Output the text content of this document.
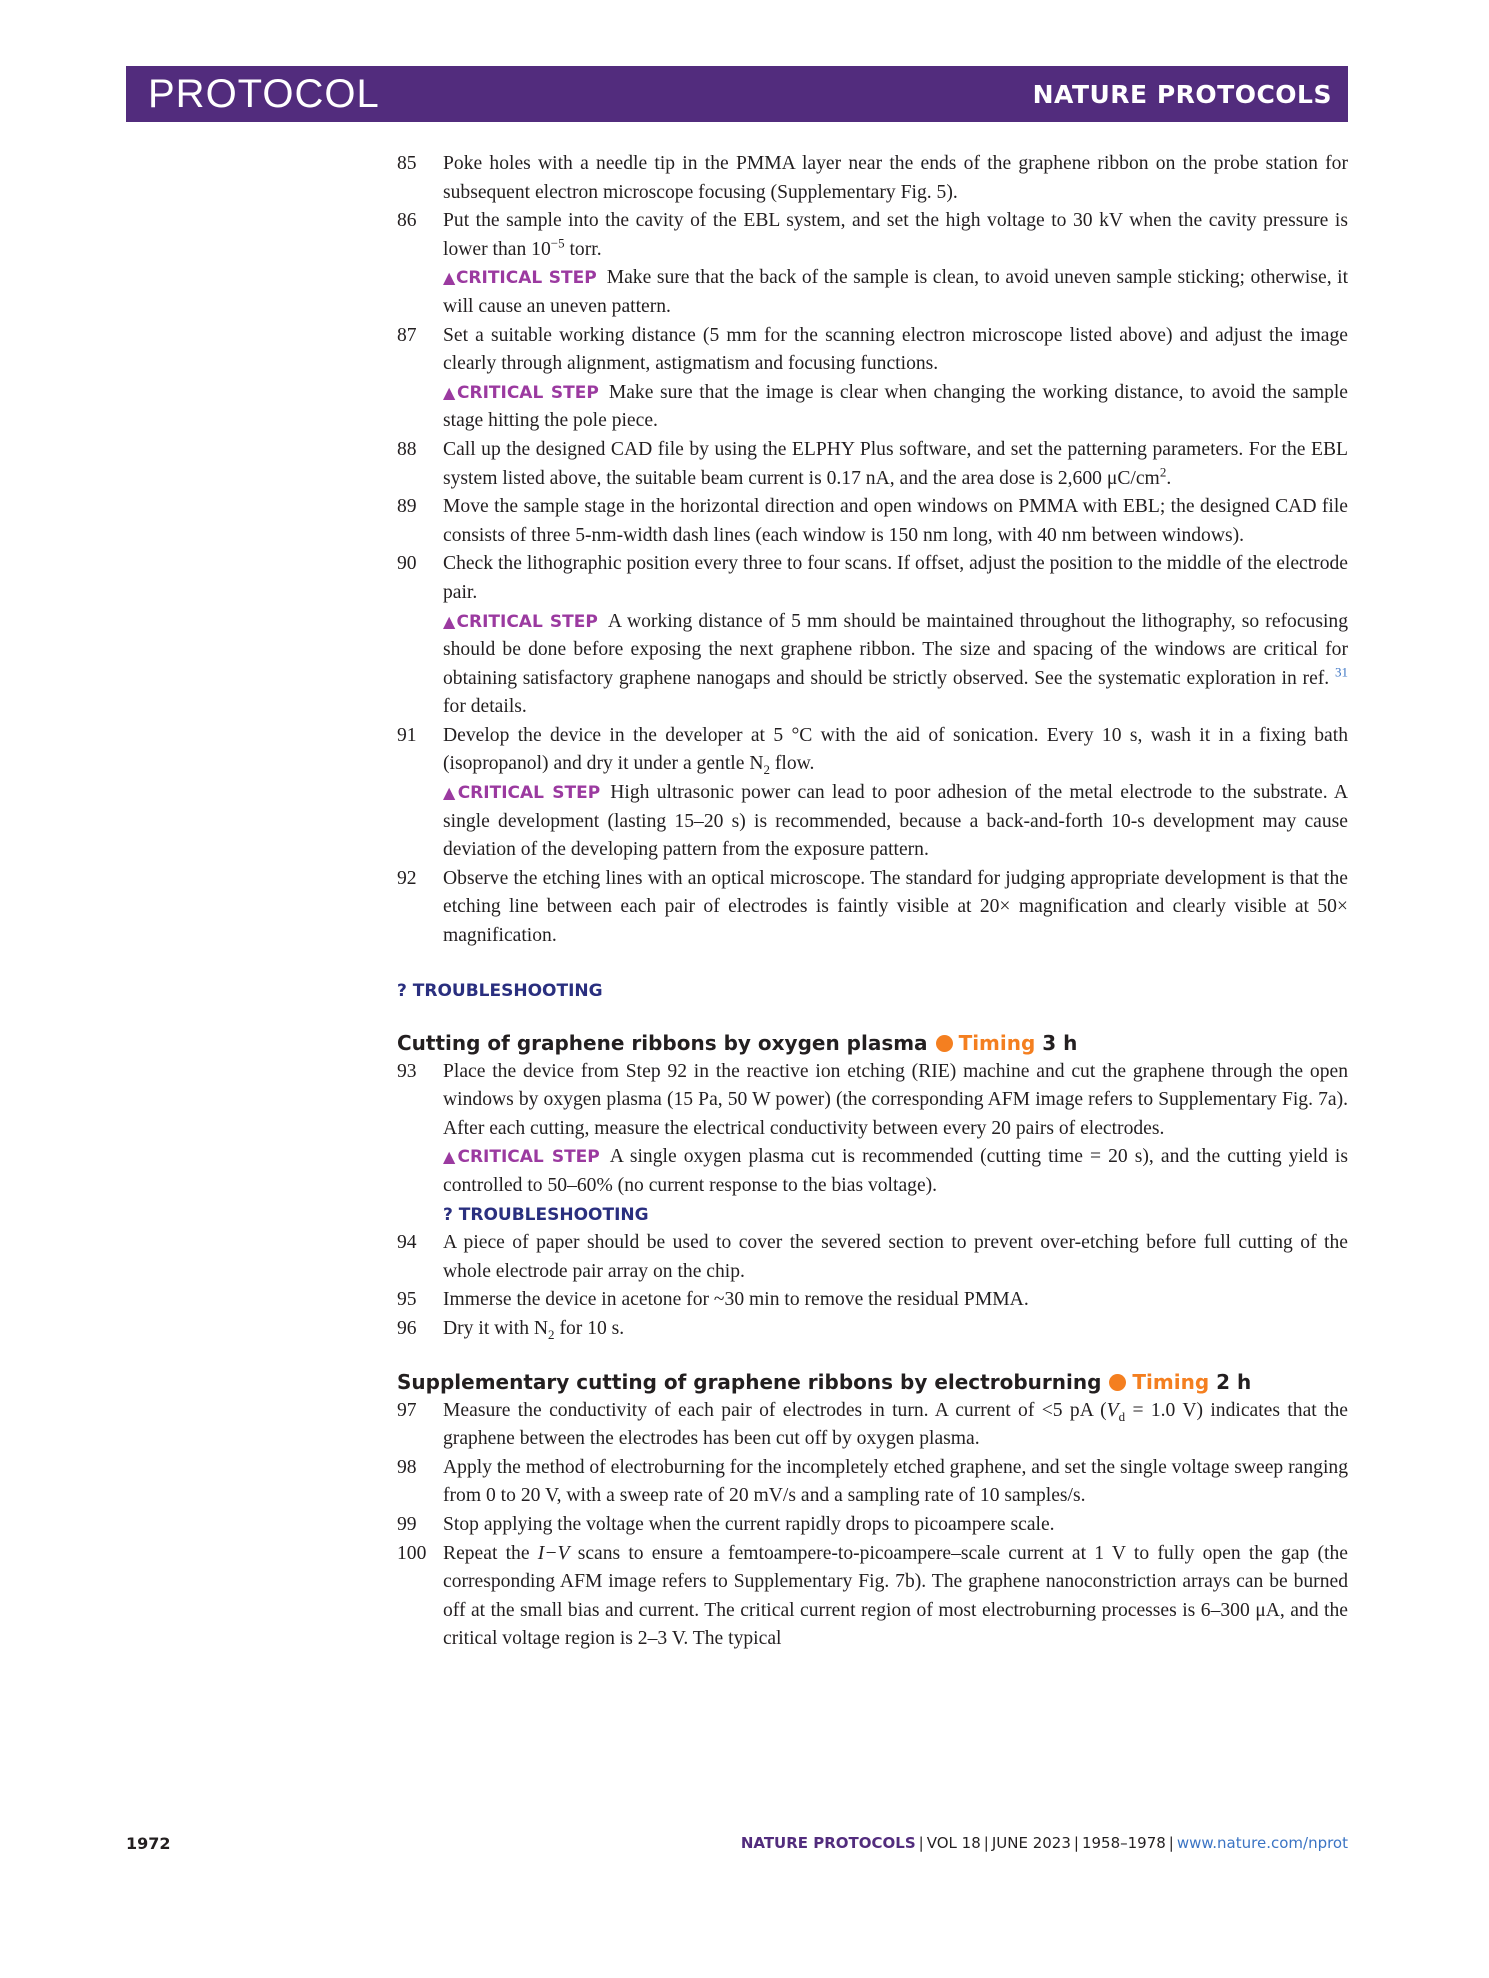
PROTOCOL	NATURE PROTOCOLS
85 Poke holes with a needle tip in the PMMA layer near the ends of the graphene ribbon on the probe station for subsequent electron microscope focusing (Supplementary Fig. 5).
86 Put the sample into the cavity of the EBL system, and set the high voltage to 30 kV when the cavity pressure is lower than $10^{-5}$ torr.
▲CRITICAL STEP Make sure that the back of the sample is clean, to avoid uneven sample sticking; otherwise, it will cause an uneven pattern.
87 Set a suitable working distance (5 mm for the scanning electron microscope listed above) and adjust the image clearly through alignment, astigmatism and focusing functions.
▲CRITICAL STEP Make sure that the image is clear when changing the working distance, to avoid the sample stage hitting the pole piece.
88 Call up the designed CAD file by using the ELPHY Plus software, and set the patterning parameters. For the EBL system listed above, the suitable beam current is 0.17 nA, and the area dose is 2,600 $\mu C/cm^2$.
89 Move the sample stage in the horizontal direction and open windows on PMMA with EBL; the designed CAD file consists of three 5-nm-width dash lines (each window is 150 nm long, with 40 nm between windows).
90 Check the lithographic position every three to four scans. If offset, adjust the position to the middle of the electrode pair.
▲CRITICAL STEP A working distance of 5 mm should be maintained throughout the lithography, so refocusing should be done before exposing the next graphene ribbon. The size and spacing of the windows are critical for obtaining satisfactory graphene nanogaps and should be strictly observed. See the systematic exploration in ref. $^{31}$ for details.
91 Develop the device in the developer at 5 °C with the aid of sonication. Every 10 s, wash it in a fixing bath (isopropanol) and dry it under a gentle $N_2$ flow.
▲CRITICAL STEP High ultrasonic power can lead to poor adhesion of the metal electrode to the substrate. A single development (lasting 15–20 s) is recommended, because a back-and-forth 10-s development may cause deviation of the developing pattern from the exposure pattern.
92 Observe the etching lines with an optical microscope. The standard for judging appropriate development is that the etching line between each pair of electrodes is faintly visible at 20× magnification and clearly visible at 50× magnification.
? TROUBLESHOOTING
Cutting of graphene ribbons by oxygen plasma Timing 3 h
93 Place the device from Step 92 in the reactive ion etching (RIE) machine and cut the graphene through the open windows by oxygen plasma (15 Pa, 50 W power) (the corresponding AFM image refers to Supplementary Fig. 7a). After each cutting, measure the electrical conductivity between every 20 pairs of electrodes.
▲CRITICAL STEP A single oxygen plasma cut is recommended (cutting time = 20 s), and the cutting yield is controlled to 50–60% (no current response to the bias voltage).
? TROUBLESHOOTING
94 A piece of paper should be used to cover the severed section to prevent over-etching before full cutting of the whole electrode pair array on the chip.
95 Immerse the device in acetone for ~30 min to remove the residual PMMA.
96 Dry it with $N_2$ for 10 s.
Supplementary cutting of graphene ribbons by electroburning Timing 2 h
97 Measure the conductivity of each pair of electrodes in turn. A current of <5 pA ($V_d = 1.0$ V) indicates that the graphene between the electrodes has been cut off by oxygen plasma.
98 Apply the method of electroburning for the incompletely etched graphene, and set the single voltage sweep ranging from 0 to 20 V, with a sweep rate of 20 mV/s and a sampling rate of 10 samples/s.
99 Stop applying the voltage when the current rapidly drops to picoampere scale.
100 Repeat the I−V scans to ensure a femtoampere-to-picoampere–scale current at 1 V to fully open the gap (the corresponding AFM image refers to Supplementary Fig. 7b). The graphene nanoconstriction arrays can be burned off at the small bias and current. The critical current region of most electroburning processes is 6–300 μA, and the critical voltage region is 2–3 V. The typical
1972	NATURE PROTOCOLS | VOL 18 | JUNE 2023 | 1958–1978 | www.nature.com/nprot
